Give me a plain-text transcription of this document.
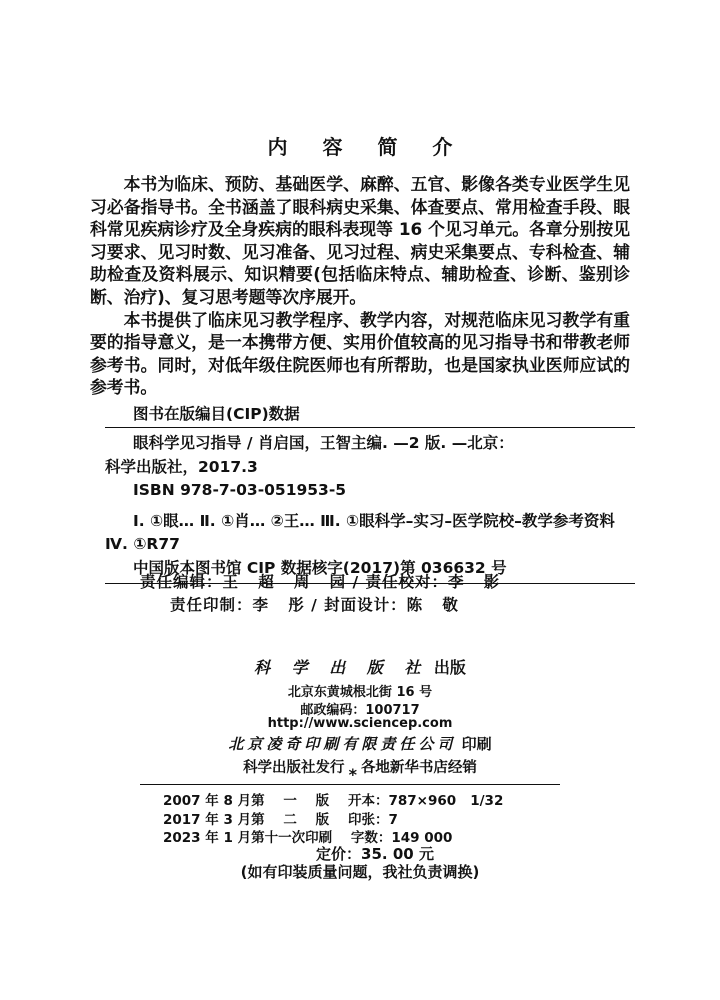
内 容 简 介

本书为临床、预防、基础医学、麻醉、五官、影像各类专业医学生见习必备指导书。全书涵盖了眼科病史采集、体查要点、常用检查手段、眼科常见疾病诊疗及全身疾病的眼科表现等 16 个见习单元。各章分别按见习要求、见习时数、见习准备、见习过程、病史采集要点、专科检查、辅助检查及资料展示、知识精要(包括临床特点、辅助检查、诊断、鉴别诊断、治疗)、复习思考题等次序展开。

本书提供了临床见习教学程序、教学内容，对规范临床见习教学有重要的指导意义，是一本携带方便、实用价值较高的见习指导书和带教老师参考书。同时，对低年级住院医师也有所帮助，也是国家执业医师应试的参考书。

图书在版编目(CIP)数据
眼科学见习指导 / 肖启国，王智主编. —2 版. —北京：
科学出版社，2017.3
ISBN 978-7-03-051953-5
Ⅰ. ①眼… Ⅱ. ①肖… ②王… Ⅲ. ①眼科学–实习–医学院校–教学参考资料 Ⅳ. ①R77
中国版本图书馆 CIP 数据核字(2017)第 036632 号
责任编辑：王   超   周   园 / 责任校对：李   影
责任印制：李   彤 / 封面设计：陈   敬
科 学 出 版 社 出版
北京东黄城根北街 16 号
邮政编码：100717
http://www.sciencep.com
北京凌奇印刷有限责任公司 印刷
科学出版社发行 * 各地新华书店经销
2007 年 8 月第    一    版    开本：787×960   1/32
2017 年 3 月第    二    版    印张：7
2023 年 1 月第十一次印刷    字数：149 000
定价：35. 00 元
(如有印装质量问题，我社负责调换)
